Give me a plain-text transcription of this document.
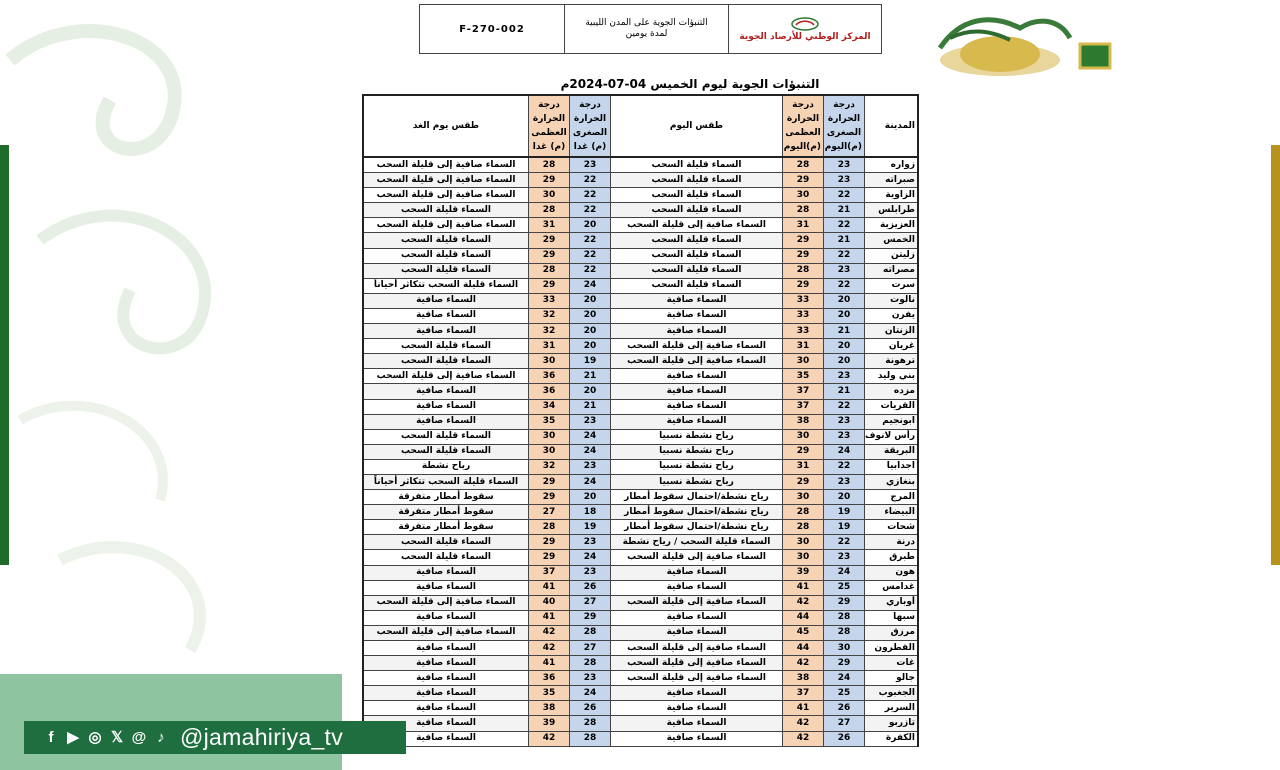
F-270-002
التنبؤات الجوية على المدن الليبية
لمدة يومين	المركز الوطني للأرصاد الجوية
التنبؤات الجوية ليوم الخميس 04-07-2024م
المدينة	درجة الحرارة الصغرى (م)اليوم	درجة الحرارة العظمى (م)اليوم	طقس اليوم	درجة الحرارة الصغرى (م) غدا	درجة الحرارة العظمى (م) غدا	طقس يوم الغد
زواره	23	28	السماء قليلة السحب	23	28	السماء صافية إلى قليلة السحب
صبراته	23	29	السماء قليلة السحب	22	29	السماء صافية إلى قليلة السحب
الزاوية	22	30	السماء قليلة السحب	22	30	السماء صافية إلى قليلة السحب
طرابلس	21	28	السماء قليلة السحب	22	28	السماء قليلة السحب
العزيزية	22	31	السماء صافية إلى قليلة السحب	20	31	السماء صافية إلى قليلة السحب
الخمس	21	29	السماء قليلة السحب	22	29	السماء قليلة السحب
زليتن	22	29	السماء قليلة السحب	22	29	السماء قليلة السحب
مصراته	23	28	السماء قليلة السحب	22	28	السماء قليلة السحب
سرت	22	29	السماء قليلة السحب	24	29	السماء قليلة السحب تتكاثر أحياناً
نالوت	20	33	السماء صافية	20	33	السماء صافية
يفرن	20	33	السماء صافية	20	32	السماء صافية
الزنتان	21	33	السماء صافية	20	32	السماء صافية
غريان	20	31	السماء صافية إلى قليلة السحب	20	31	السماء قليلة السحب
ترهونة	20	30	السماء صافية إلى قليلة السحب	19	30	السماء قليلة السحب
بني وليد	23	35	السماء صافية	21	36	السماء صافية إلى قليلة السحب
مزده	21	37	السماء صافية	20	36	السماء صافية
القريات	22	37	السماء صافية	21	34	السماء صافية
ابونجيم	23	38	السماء صافية	23	35	السماء صافية
رأس لانوف	23	30	رياح نشطة نسبيا	24	30	السماء قليلة السحب
البريقة	24	29	رياح نشطة نسبيا	24	30	السماء قليلة السحب
اجدابيا	22	31	رياح نشطة نسبيا	23	32	رياح نشطة
بنغازي	23	29	رياح نشطة نسبيا	24	29	السماء قليلة السحب تتكاثر أحياناً
المرج	20	30	رياح نشطة/احتمال سقوط أمطار	20	29	سقوط أمطار متفرقة
البيضاء	19	28	رياح نشطة/احتمال سقوط أمطار	18	27	سقوط أمطار متفرقة
شحات	19	28	رياح نشطة/احتمال سقوط أمطار	19	28	سقوط أمطار متفرقة
درنة	22	30	السماء قليلة السحب / رياح نشطة	23	29	السماء قليلة السحب
طبرق	23	30	السماء صافية إلى قليلة السحب	24	29	السماء قليلة السحب
هون	24	39	السماء صافية	23	37	السماء صافية
غدامس	25	41	السماء صافية	26	41	السماء صافية
أوباري	29	42	السماء صافية إلى قليلة السحب	27	40	السماء صافية إلى قليلة السحب
سبها	28	44	السماء صافية	29	41	السماء صافية
مرزق	28	45	السماء صافية	28	42	السماء صافية إلى قليلة السحب
القطرون	30	44	السماء صافية إلى قليلة السحب	27	42	السماء صافية
غات	29	42	السماء صافية إلى قليلة السحب	28	41	السماء صافية
جالو	24	38	السماء صافية إلى قليلة السحب	23	36	السماء صافية
الجغبوب	25	37	السماء صافية	24	35	السماء صافية
السرير	26	41	السماء صافية	26	38	السماء صافية
تازربو	27	42	السماء صافية	28	39	السماء صافية
الكفرة	26	42	السماء صافية	28	42	السماء صافية
f ▶ ◎ 𝕏 @ ♪ @jamahiriya_tv
